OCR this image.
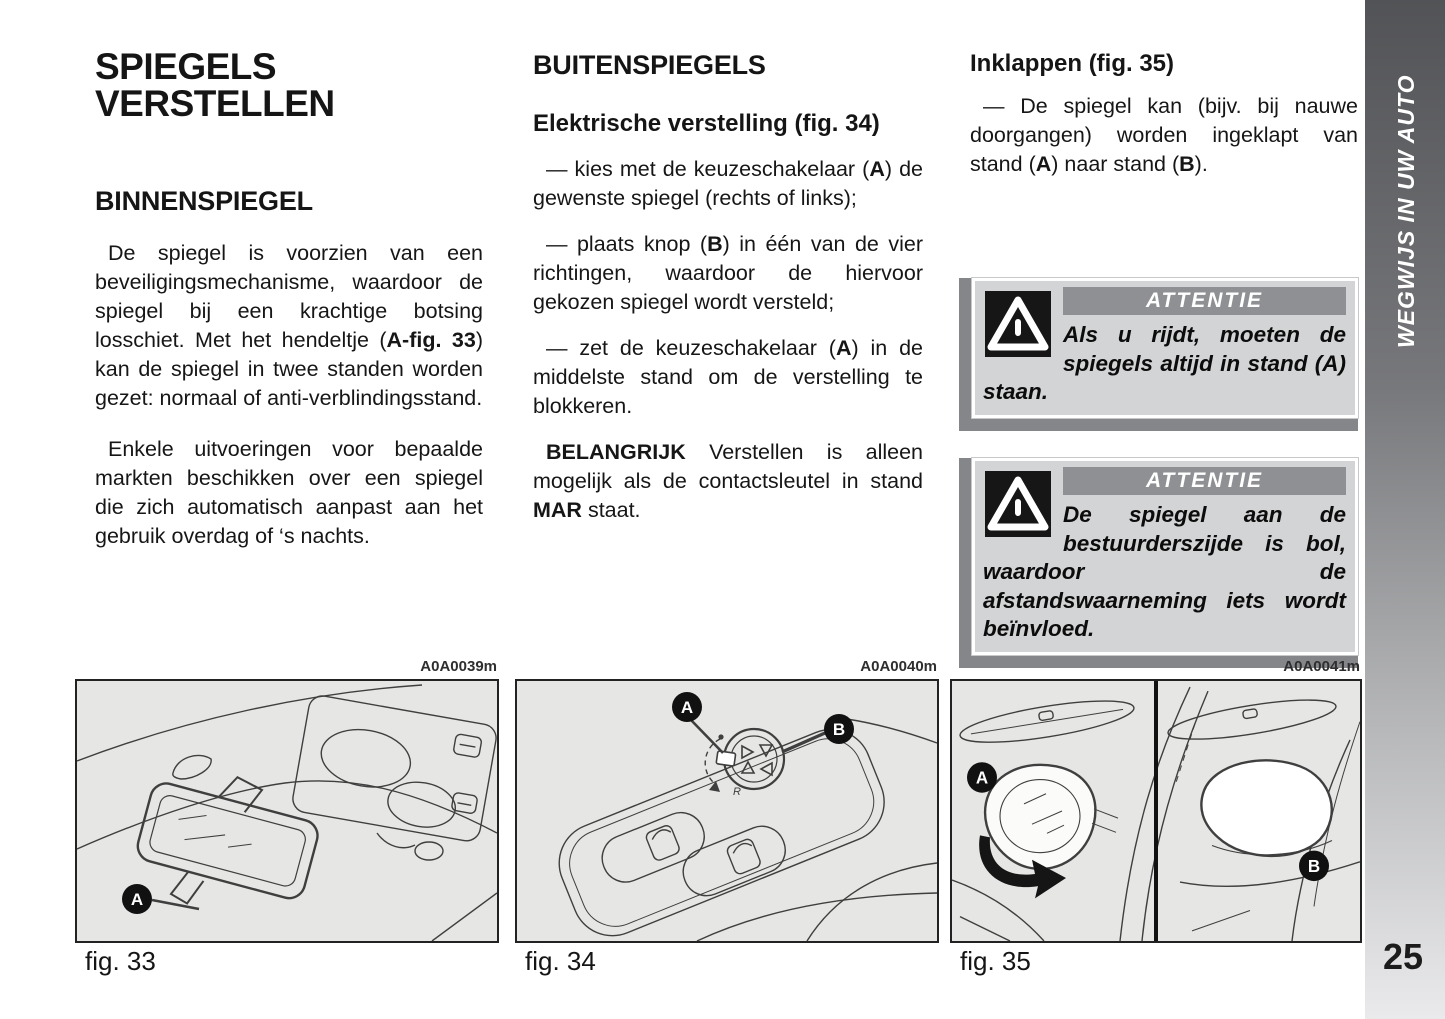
SPIEGELS VERSTELLEN
BINNENSPIEGEL

De spiegel is voorzien van een beveiligingsmechanisme, waardoor de spiegel bij een krachtige botsing losschiet. Met het hendeltje (A-fig. 33) kan de spiegel in twee standen worden gezet: normaal of anti-verblindingsstand.

Enkele uitvoeringen voor bepaalde markten beschikken over een spiegel die zich automatisch aanpast aan het gebruik overdag of ‘s nachts.

BUITENSPIEGELS
Elektrische verstelling (fig. 34)

— kies met de keuzeschakelaar (A) de gewenste spiegel (rechts of links);

— plaats knop (B) in één van de vier richtingen, waardoor de hiervoor gekozen spiegel wordt versteld;

— zet de keuzeschakelaar (A) in de middelste stand om de verstelling te blokkeren.

BELANGRIJK Verstellen is alleen mogelijk als de contactsleutel in stand MAR staat.

Inklappen (fig. 35)

— De spiegel kan (bijv. bij nauwe doorgangen) worden ingeklapt van stand (A) naar stand (B).

ATTENTIE
Als u rijdt, moeten de spiegels altijd in stand (A) staan.
ATTENTIE
De spiegel aan de bestuurderszijde is bol, waardoor de afstandswaarneming iets wordt beïnvloed.
A0A0039m
A
fig. 33
A0A0040m
R
A
B
fig. 34
A0A0041m
A
B
fig. 35
WEGWIJS IN UW AUTO
25
